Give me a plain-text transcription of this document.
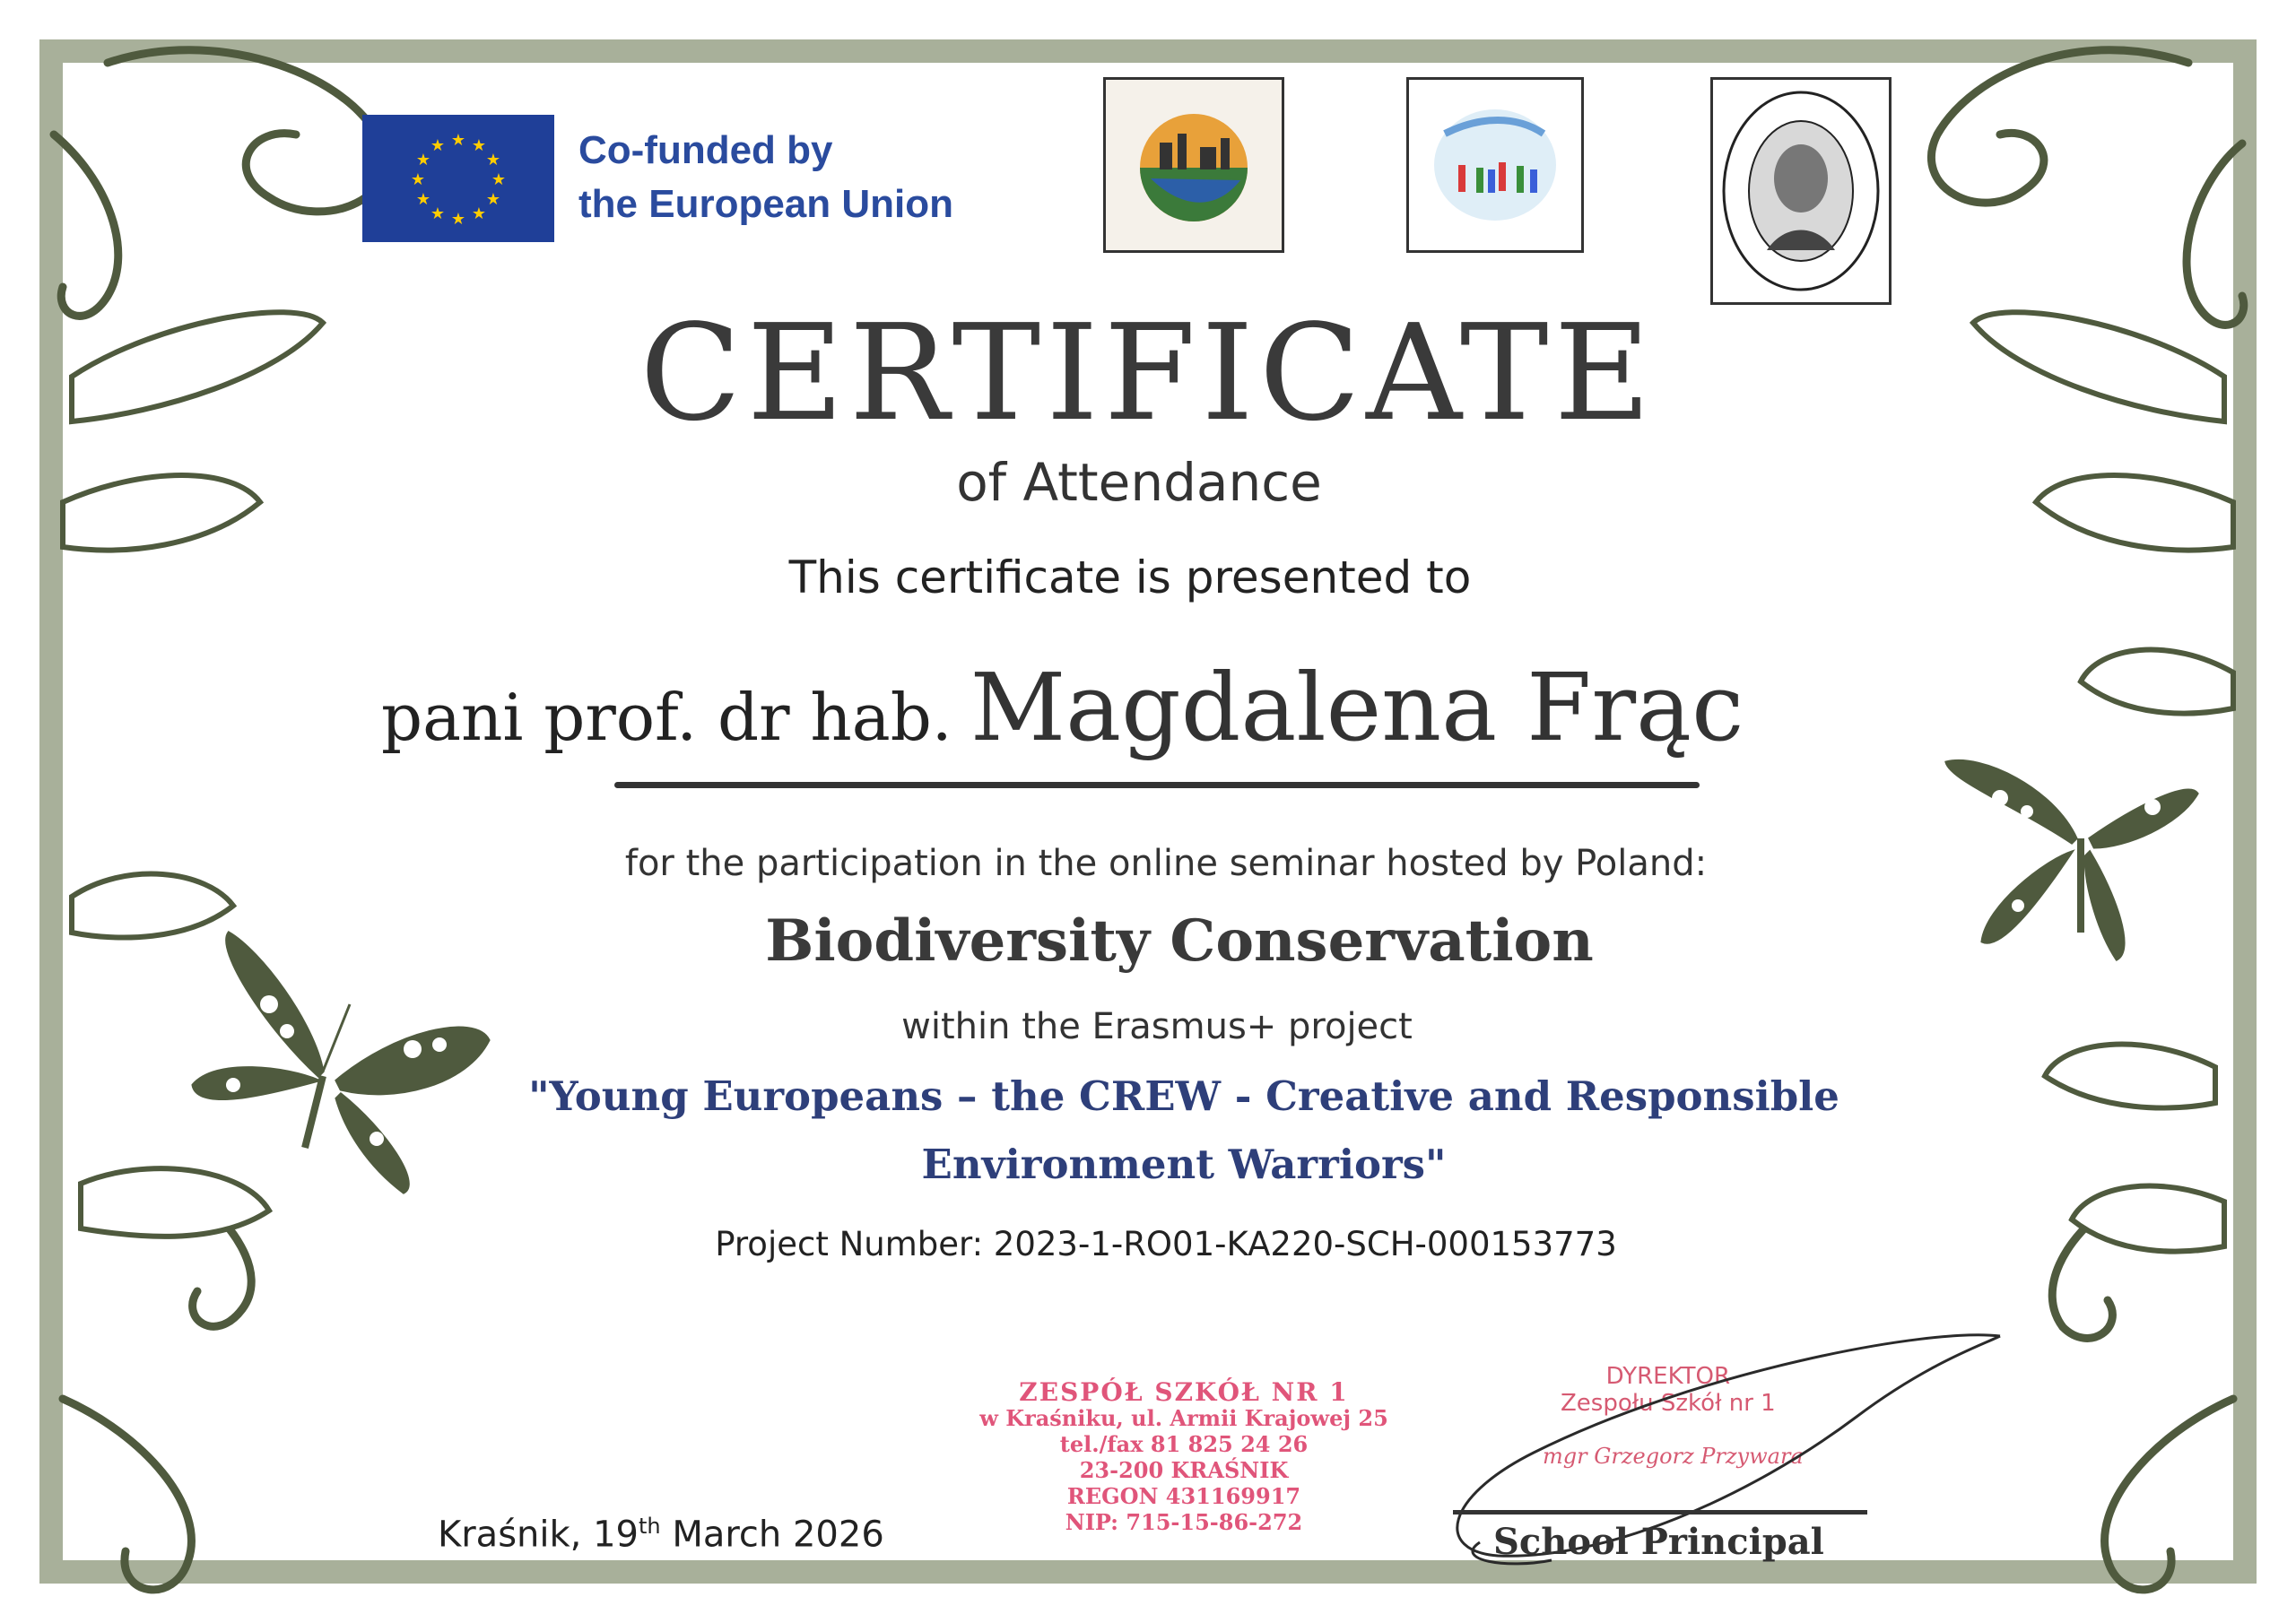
★ ★
★
★
★
★
★
★
★
★
★
★	Co-funded by
the European Union
CERTIFICATE
of Attendance
This certificate is presented to
pani prof. dr hab. Magdalena Frąc
for the participation in the online seminar hosted by Poland:
Biodiversity Conservation
within the Erasmus+ project
"Young Europeans – the CREW - Creative and Responsible
Environment Warriors"
Project Number: 2023-1-RO01-KA220-SCH-000153773
ZESPÓŁ SZKÓŁ NR 1
w Kraśniku, ul. Armii Krajowej 25
tel./fax 81 825 24 26
23-200 KRAŚNIK
REGON 431169917
NIP: 715-15-86-272
Kraśnik, 19th March 2026
DYREKTOR
Zespołu Szkół nr 1
mgr Grzegorz Przywara
School Principal
